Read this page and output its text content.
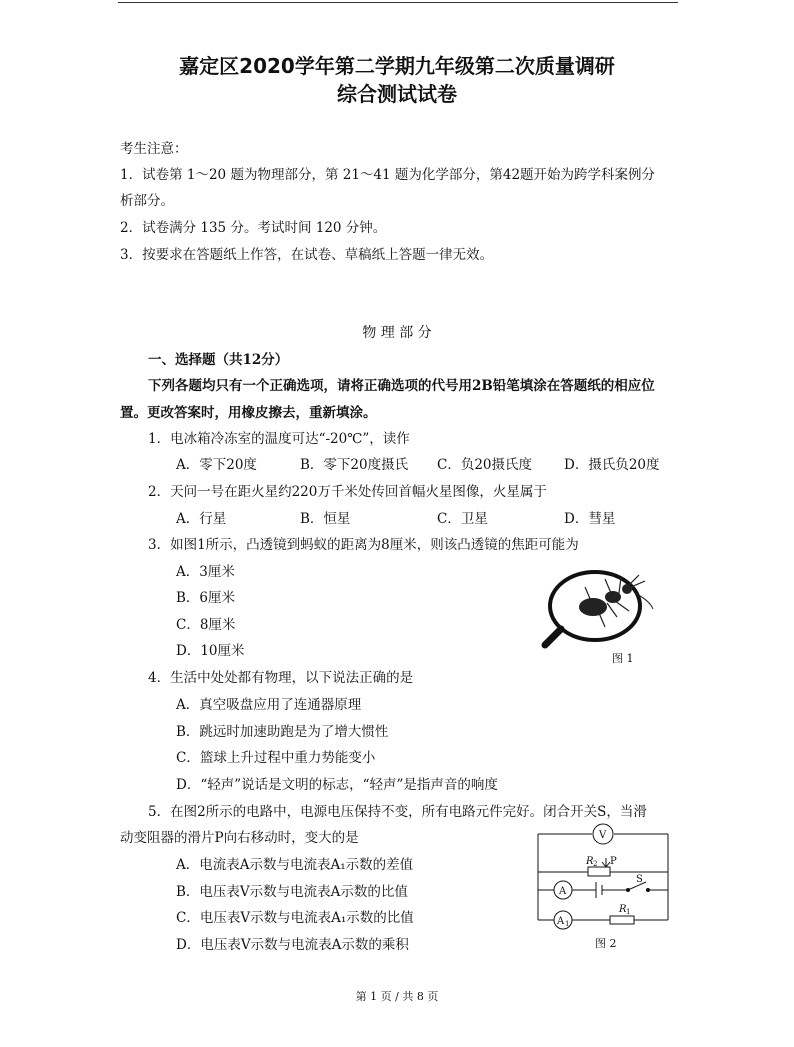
嘉定区2020学年第二学期九年级第二次质量调研
综合测试试卷
考生注意：
1．试卷第 1～20 题为物理部分，第 21～41 题为化学部分，第42题开始为跨学科案例分
析部分。
2．试卷满分 135 分。考试时间 120 分钟。
3．按要求在答题纸上作答，在试卷、草稿纸上答题一律无效。
物 理 部 分
一、选择题（共12分）
下列各题均只有一个正确选项，请将正确选项的代号用2B铅笔填涂在答题纸的相应位
置。更改答案时，用橡皮擦去，重新填涂。
1．电冰箱冷冻室的温度可达“-20℃”，读作
A．零下20度	B．零下20度摄氏 C．负20摄氏度 D．摄氏负20度
2．天问一号在距火星约220万千米处传回首幅火星图像，火星属于
A．行星	B．恒星	C．卫星	D．彗星
3．如图1所示，凸透镜到蚂蚁的距离为8厘米，则该凸透镜的焦距可能为
A．3厘米
B．6厘米
C．8厘米
D．10厘米	图 1
4．生活中处处都有物理，以下说法正确的是
A．真空吸盘应用了连通器原理
B．跳远时加速助跑是为了增大惯性
C．篮球上升过程中重力势能变小
D．“轻声”说话是文明的标志，“轻声”是指声音的响度
5．在图2所示的电路中，电源电压保持不变，所有电路元件完好。闭合开关S，当滑
动变阻器的滑片P向右移动时，变大的是
A．电流表A示数与电流表A₁示数的差值
B．电压表V示数与电流表A示数的比值
C．电压表V示数与电流表A₁示数的比值
D．电压表V示数与电流表A示数的乘积
V
A
A 1
R 2 P
S
R 1
图 2
第 1 页 / 共 8 页
